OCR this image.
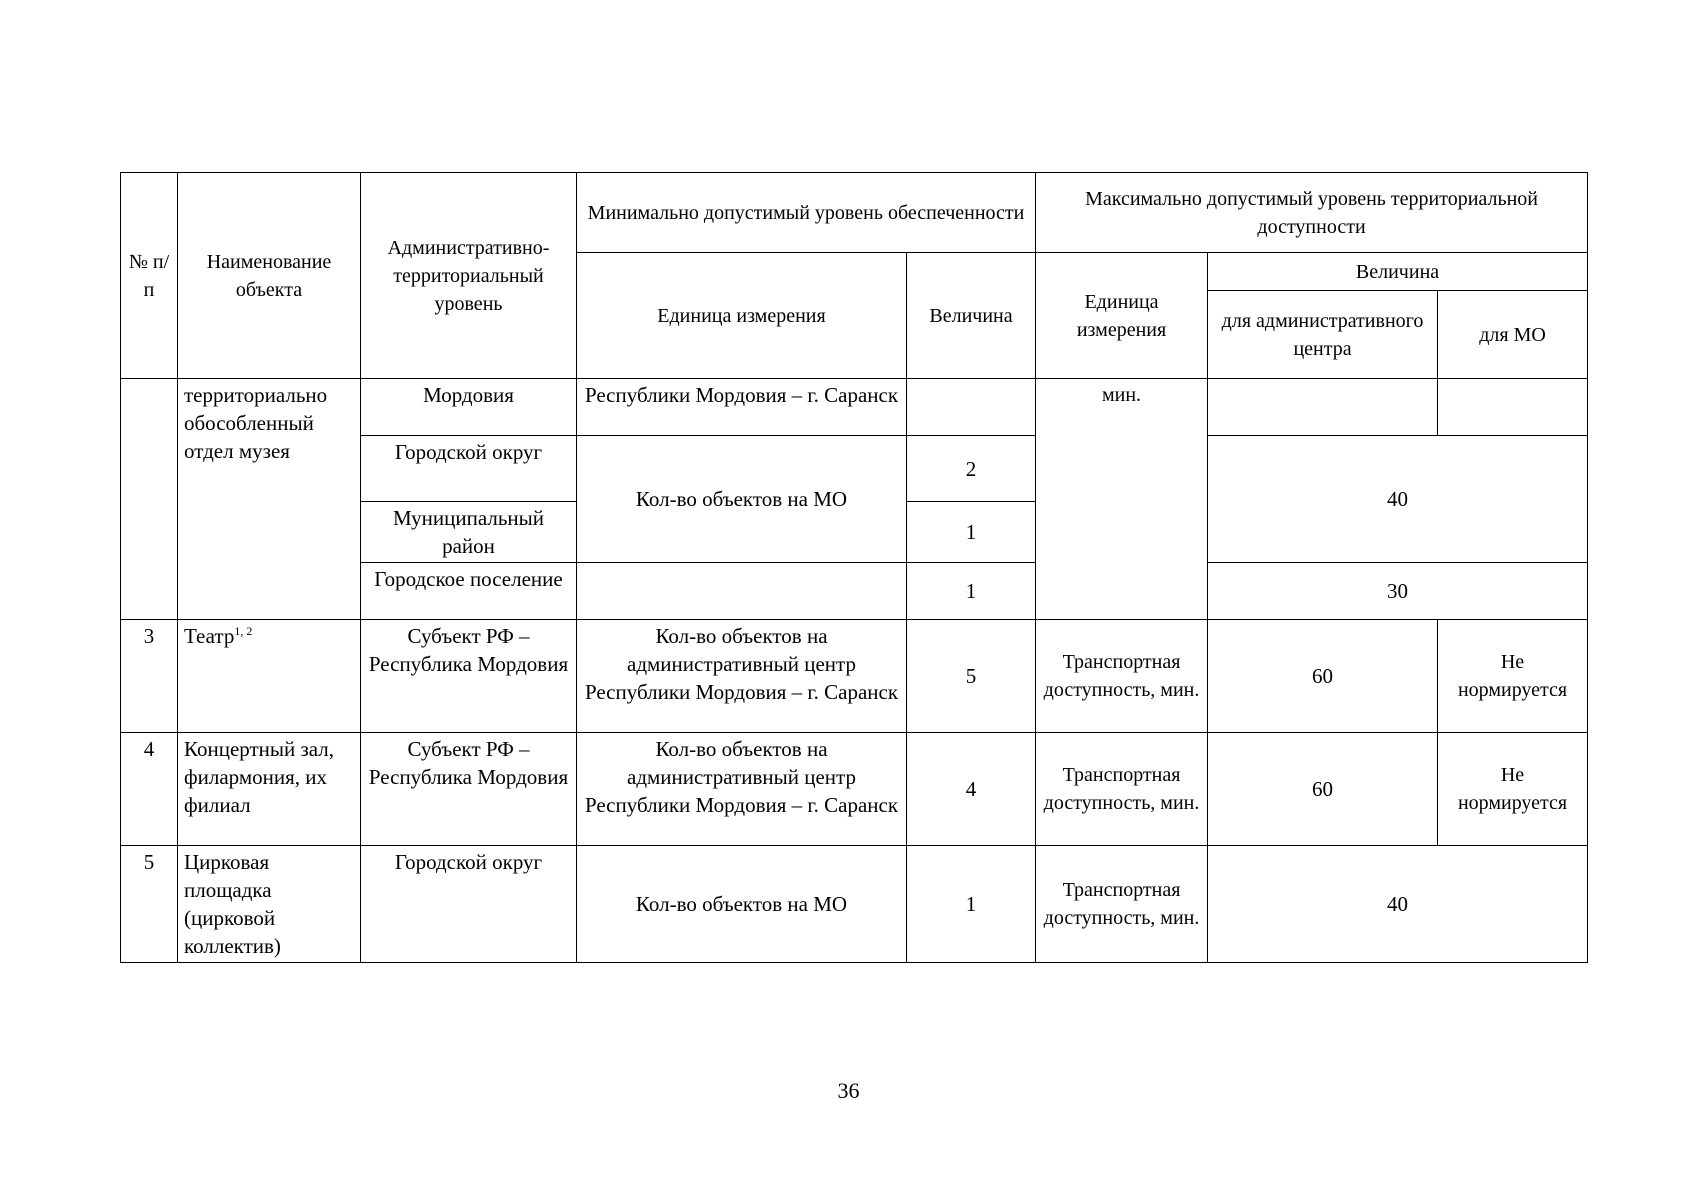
№ п/п	Наименование объекта	Административно-территориальный уровень	Минимально допустимый уровень обеспеченности		Максимально допустимый уровень территориальной доступности		
			Единица измерения	Величина	Единица измерения	Величина	
						для административного центра	для МО
	территориально обособленный отдел музея	Мордовия	Республики Мордовия – г. Саранск		мин.		
		Городской округ	Кол-во объектов на МО	2		40	
		Муниципальный район		1			
		Городское поселение		1		30	
3	Театр$^{1, 2}$	Субъект РФ – Республика Мордовия	Кол-во объектов на административный центр Республики Мордовия – г. Саранск	5	Транспортная доступность, мин.	60	Не нормируется
4	Концертный зал, филармония, их филиал	Субъект РФ – Республика Мордовия	Кол-во объектов на административный центр Республики Мордовия – г. Саранск	4	Транспортная доступность, мин.	60	Не нормируется
5	Цирковая площадка (цирковой коллектив)	Городской округ	Кол-во объектов на МО	1	Транспортная доступность, мин.	40	
36
